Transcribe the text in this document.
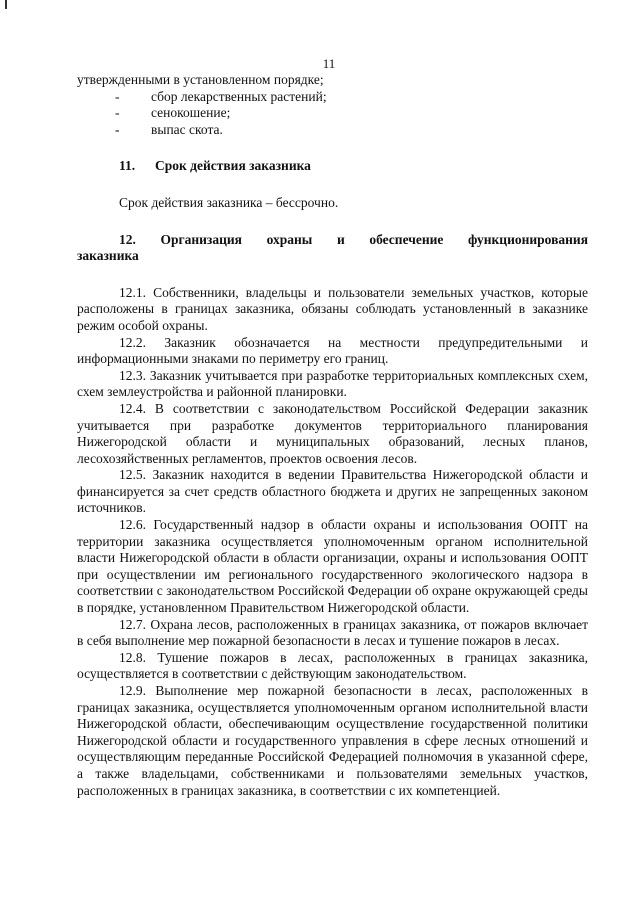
11
утвержденными в установленном порядке;
- сбор лекарственных растений;
- сенокошение;
- выпас скота.
11. Срок действия заказника

Срок действия заказника – бессрочно.

12. Организация охраны и обеспечение функционирования
заказника

12.1. Собственники, владельцы и пользователи земельных участков, которые расположены в границах заказника, обязаны соблюдать установленный в заказнике режим особой охраны.

12.2. Заказник обозначается на местности предупредительными и информационными знаками по периметру его границ.

12.3. Заказник учитывается при разработке территориальных комплексных схем, схем землеустройства и районной планировки.

12.4. В соответствии с законодательством Российской Федерации заказник учитывается при разработке документов территориального планирования Нижегородской области и муниципальных образований, лесных планов, лесохозяйственных регламентов, проектов освоения лесов.

12.5. Заказник находится в ведении Правительства Нижегородской области и финансируется за счет средств областного бюджета и других не запрещенных законом источников.

12.6. Государственный надзор в области охраны и использования ООПТ на территории заказника осуществляется уполномоченным органом исполнительной власти Нижегородской области в области организации, охраны и использования ООПТ при осуществлении им регионального государственного экологического надзора в соответствии с законодательством Российской Федерации об охране окружающей среды в порядке, установленном Правительством Нижегородской области.

12.7. Охрана лесов, расположенных в границах заказника, от пожаров включает в себя выполнение мер пожарной безопасности в лесах и тушение пожаров в лесах.

12.8. Тушение пожаров в лесах, расположенных в границах заказника, осуществляется в соответствии с действующим законодательством.

12.9. Выполнение мер пожарной безопасности в лесах, расположенных в границах заказника, осуществляется уполномоченным органом исполнительной власти Нижегородской области, обеспечивающим осуществление государственной политики Нижегородской области и государственного управления в сфере лесных отношений и осуществляющим переданные Российской Федерацией полномочия в указанной сфере, а также владельцами, собственниками и пользователями земельных участков, расположенных в границах заказника, в соответствии с их компетенцией.
